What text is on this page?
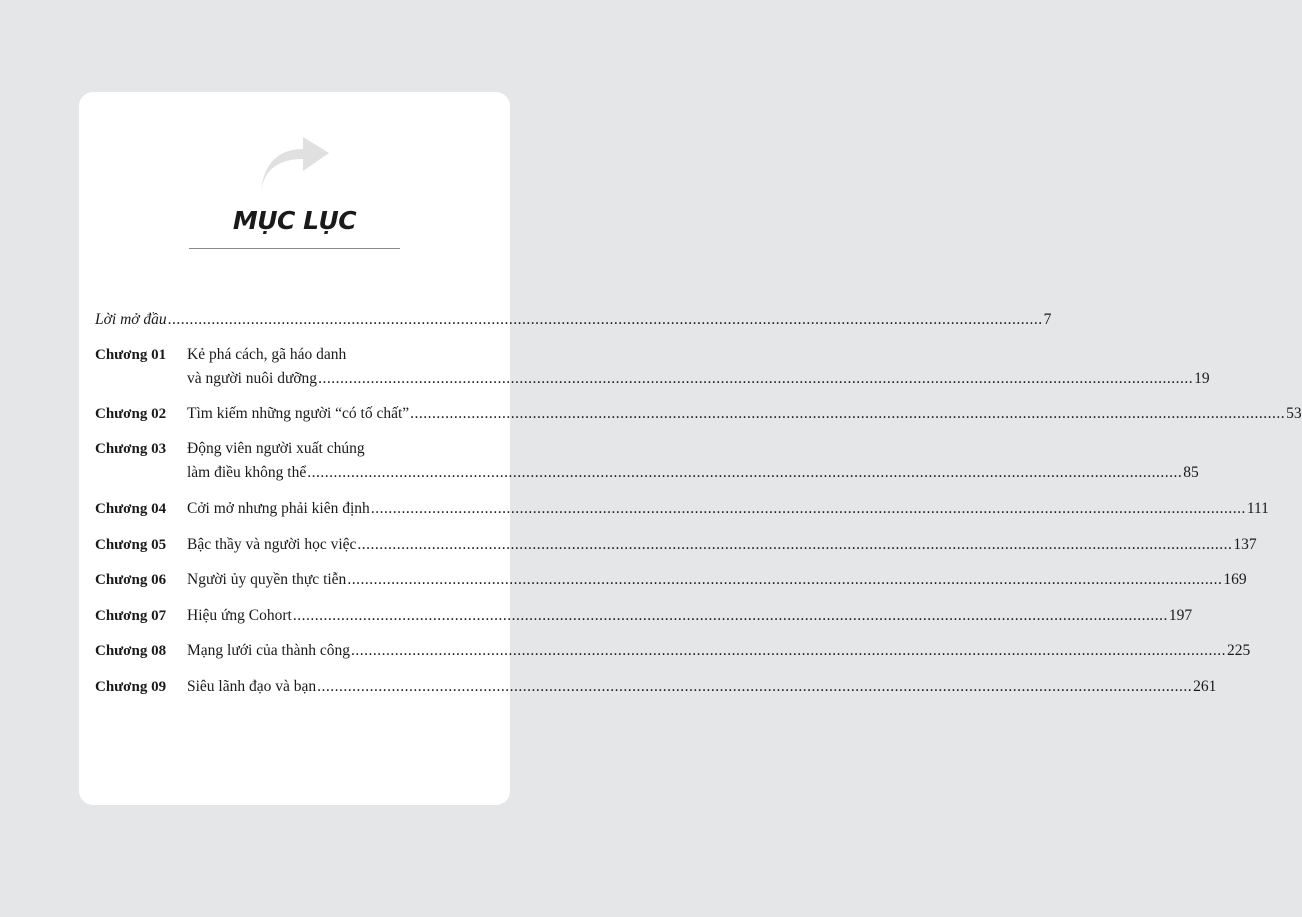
MỤC LỤC
Lời mở đầu ........................................................................................................................................................................................................ 7
Chương 01 Kẻ phá cách, gã háo danh
và người nuôi dưỡng ........................................................................................................................................................................................................ 19
Chương 02 Tìm kiếm những người “có tố chất” ........................................................................................................................................................................................................ 53
Chương 03 Động viên người xuất chúng
làm điều không thể ........................................................................................................................................................................................................ 85
Chương 04 Cởi mở nhưng phải kiên định ........................................................................................................................................................................................................ 111
Chương 05 Bậc thầy và người học việc ........................................................................................................................................................................................................ 137
Chương 06 Người ủy quyền thực tiễn ........................................................................................................................................................................................................ 169
Chương 07 Hiệu ứng Cohort ........................................................................................................................................................................................................ 197
Chương 08 Mạng lưới của thành công ........................................................................................................................................................................................................ 225
Chương 09 Siêu lãnh đạo và bạn ........................................................................................................................................................................................................ 261
